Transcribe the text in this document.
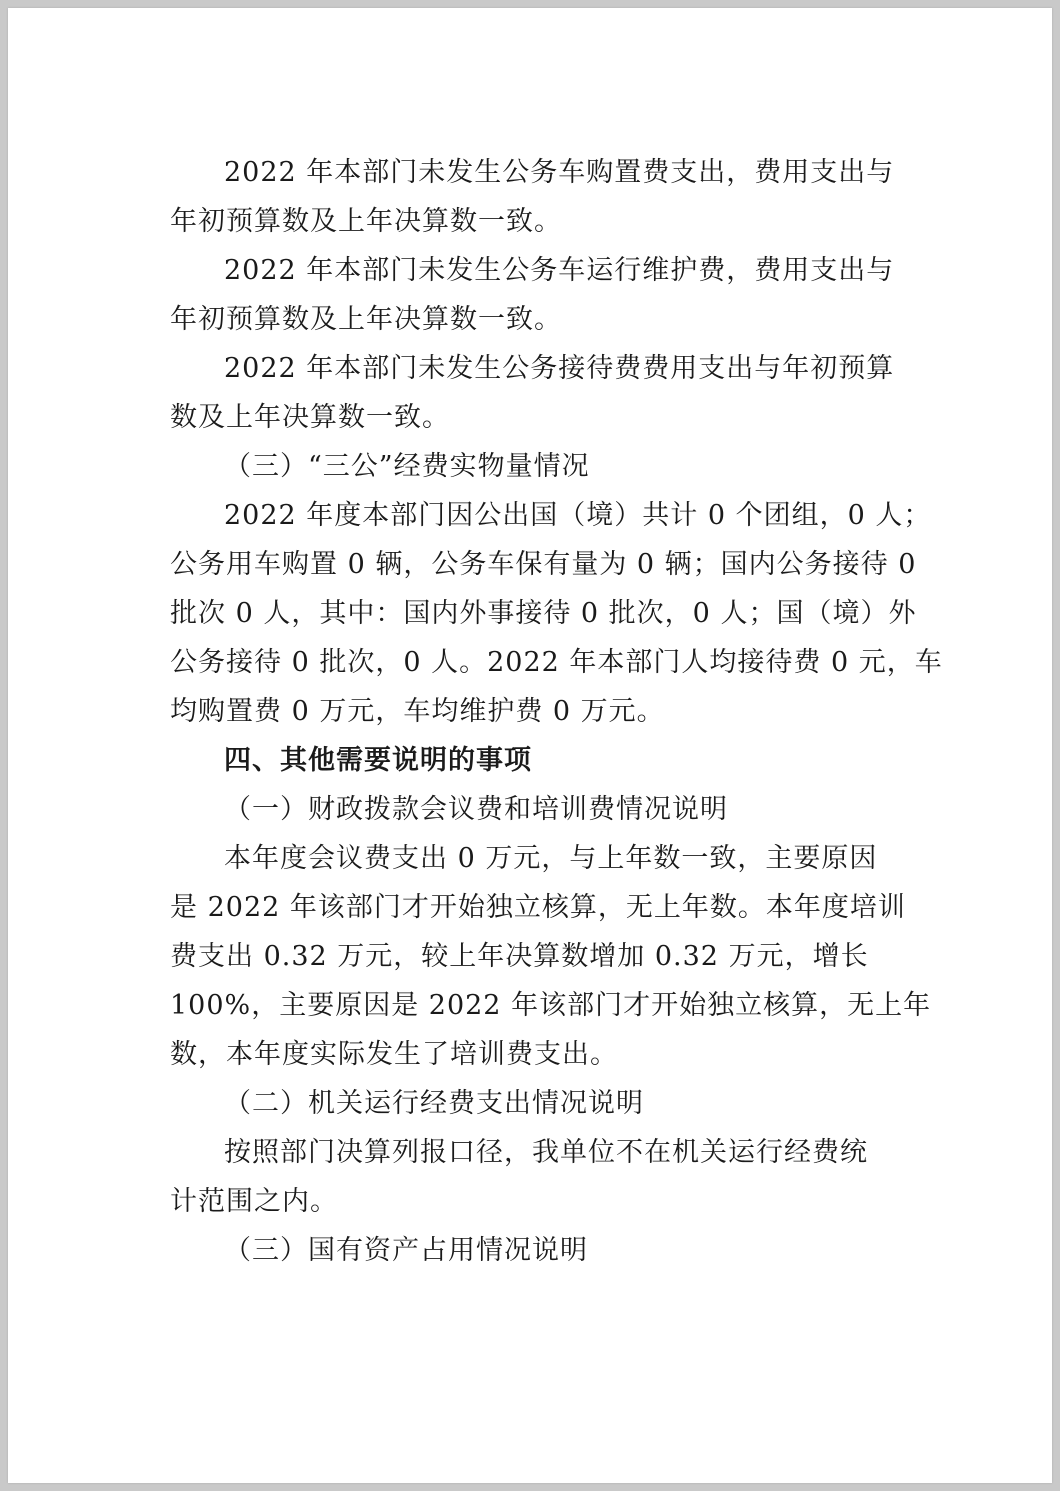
2022 年本部门未发生公务车购置费支出，费用支出与
年初预算数及上年决算数一致。
2022 年本部门未发生公务车运行维护费，费用支出与
年初预算数及上年决算数一致。
2022 年本部门未发生公务接待费费用支出与年初预算
数及上年决算数一致。
（三）“三公”经费实物量情况
2022 年度本部门因公出国（境）共计 0 个团组，0 人；
公务用车购置 0 辆，公务车保有量为 0 辆；国内公务接待 0
批次 0 人，其中：国内外事接待 0 批次，0 人；国（境）外
公务接待 0 批次，0 人。2022 年本部门人均接待费 0 元，车
均购置费 0 万元，车均维护费 0 万元。
四、其他需要说明的事项
（一）财政拨款会议费和培训费情况说明
本年度会议费支出 0 万元，与上年数一致，主要原因
是 2022 年该部门才开始独立核算，无上年数。本年度培训
费支出 0.32 万元，较上年决算数增加 0.32 万元，增长
100%，主要原因是 2022 年该部门才开始独立核算，无上年
数，本年度实际发生了培训费支出。
（二）机关运行经费支出情况说明
按照部门决算列报口径，我单位不在机关运行经费统
计范围之内。
（三）国有资产占用情况说明
